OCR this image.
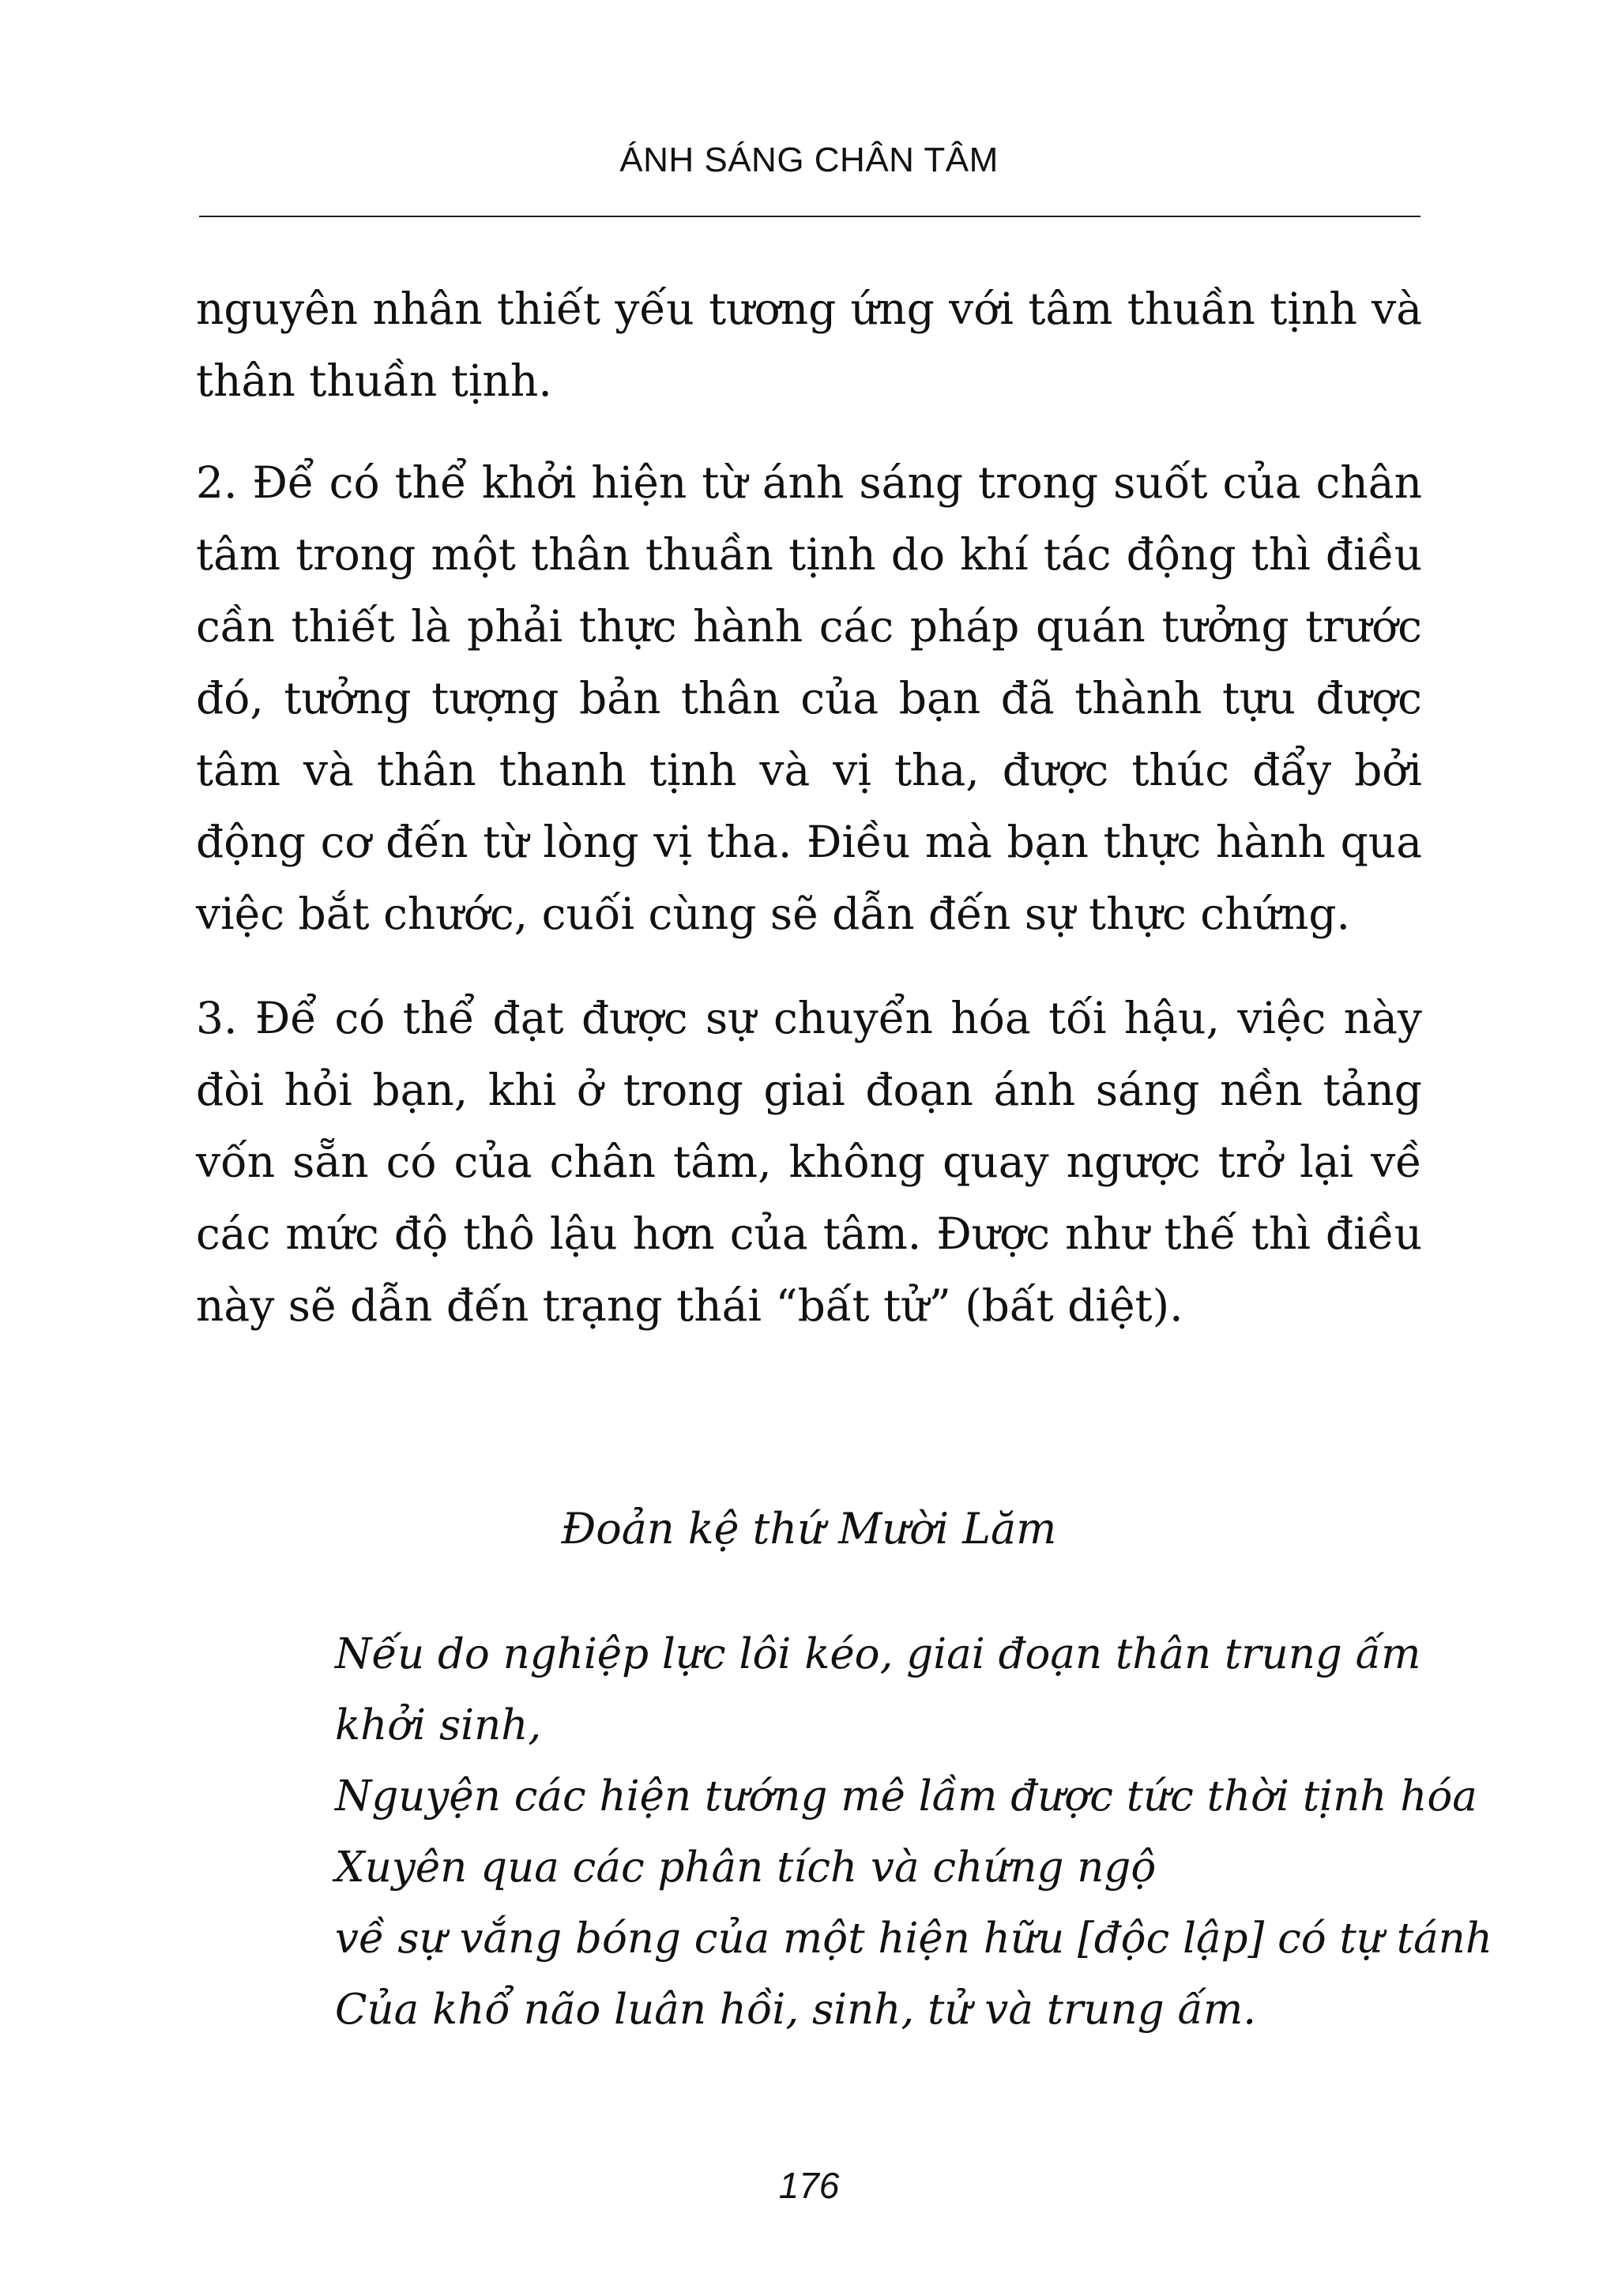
ÁNH SÁNG CHÂN TÂM

nguyên nhân thiết yếu tương ứng với tâm thuần tịnh và thân thuần tịnh.

2. Để có thể khởi hiện từ ánh sáng trong suốt của chân tâm trong một thân thuần tịnh do khí tác động thì điều cần thiết là phải thực hành các pháp quán tưởng trước đó, tưởng tượng bản thân của bạn đã thành tựu được tâm và thân thanh tịnh và vị tha, được thúc đẩy bởi động cơ đến từ lòng vị tha. Điều mà bạn thực hành qua việc bắt chước, cuối cùng sẽ dẫn đến sự thực chứng.

3. Để có thể đạt được sự chuyển hóa tối hậu, việc này đòi hỏi bạn, khi ở trong giai đoạn ánh sáng nền tảng vốn sẵn có của chân tâm, không quay ngược trở lại về các mức độ thô lậu hơn của tâm. Được như thế thì điều này sẽ dẫn đến trạng thái “bất tử” (bất diệt).

Đoản kệ thứ Mười Lăm
Nếu do nghiệp lực lôi kéo, giai đoạn thân trung ấm
khởi sinh,
Nguyện các hiện tướng mê lầm được tức thời tịnh hóa
Xuyên qua các phân tích và chứng ngộ
về sự vắng bóng của một hiện hữu [độc lập] có tự tánh
Của khổ não luân hồi, sinh, tử và trung ấm.
176
